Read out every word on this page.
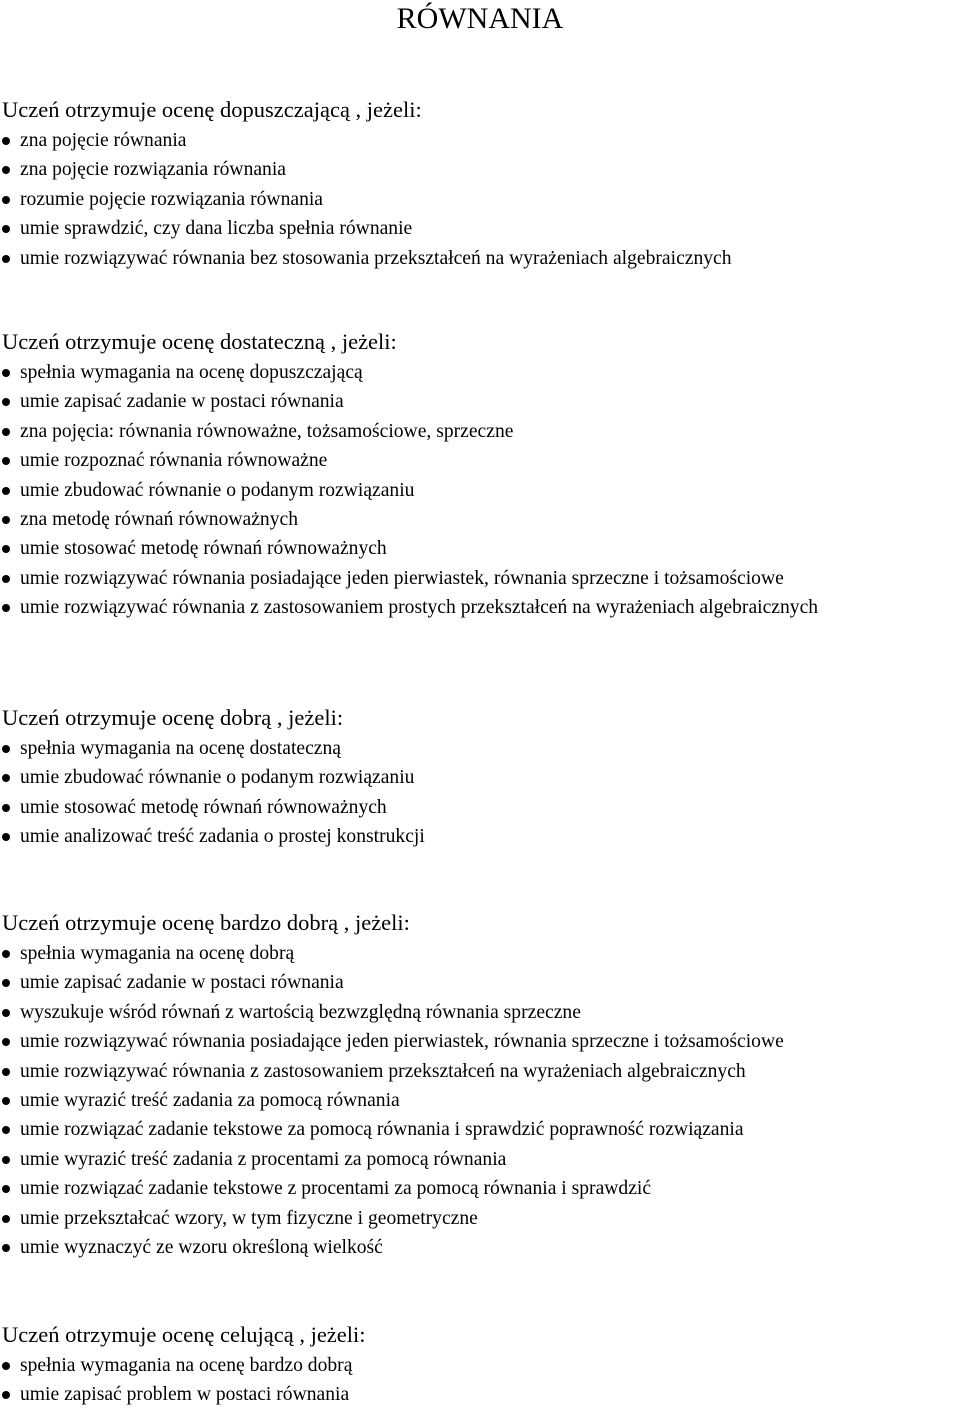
RÓWNANIA
Uczeń otrzymuje ocenę dopuszczającą , jeżeli:
zna pojęcie równania
zna pojęcie rozwiązania równania
rozumie pojęcie rozwiązania równania
umie sprawdzić, czy dana liczba spełnia równanie
umie rozwiązywać równania bez stosowania przekształceń na wyrażeniach algebraicznych
Uczeń otrzymuje ocenę dostateczną , jeżeli:
spełnia wymagania na ocenę dopuszczającą
umie zapisać zadanie w postaci równania
zna pojęcia: równania równoważne, tożsamościowe, sprzeczne
umie rozpoznać równania równoważne
umie zbudować równanie o podanym rozwiązaniu
zna metodę równań równoważnych
umie stosować metodę równań równoważnych
umie rozwiązywać równania posiadające jeden pierwiastek, równania sprzeczne i tożsamościowe
umie rozwiązywać równania z zastosowaniem prostych przekształceń na wyrażeniach algebraicznych
Uczeń otrzymuje ocenę dobrą , jeżeli:
spełnia wymagania na ocenę dostateczną
umie zbudować równanie o podanym rozwiązaniu
umie stosować metodę równań równoważnych
umie analizować treść zadania o prostej konstrukcji
Uczeń otrzymuje ocenę bardzo dobrą , jeżeli:
spełnia wymagania na ocenę dobrą
umie zapisać zadanie w postaci równania
wyszukuje wśród równań z wartością bezwzględną równania sprzeczne
umie rozwiązywać równania posiadające jeden pierwiastek, równania sprzeczne i tożsamościowe
umie rozwiązywać równania z zastosowaniem przekształceń na wyrażeniach algebraicznych
umie wyrazić treść zadania za pomocą równania
umie rozwiązać zadanie tekstowe za pomocą równania i sprawdzić poprawność rozwiązania
umie wyrazić treść zadania z procentami za pomocą równania
umie rozwiązać zadanie tekstowe z procentami za pomocą równania i sprawdzić
umie przekształcać wzory, w tym fizyczne i geometryczne
umie wyznaczyć ze wzoru określoną wielkość
Uczeń otrzymuje ocenę celującą , jeżeli:
spełnia wymagania na ocenę bardzo dobrą
umie zapisać problem w postaci równania
